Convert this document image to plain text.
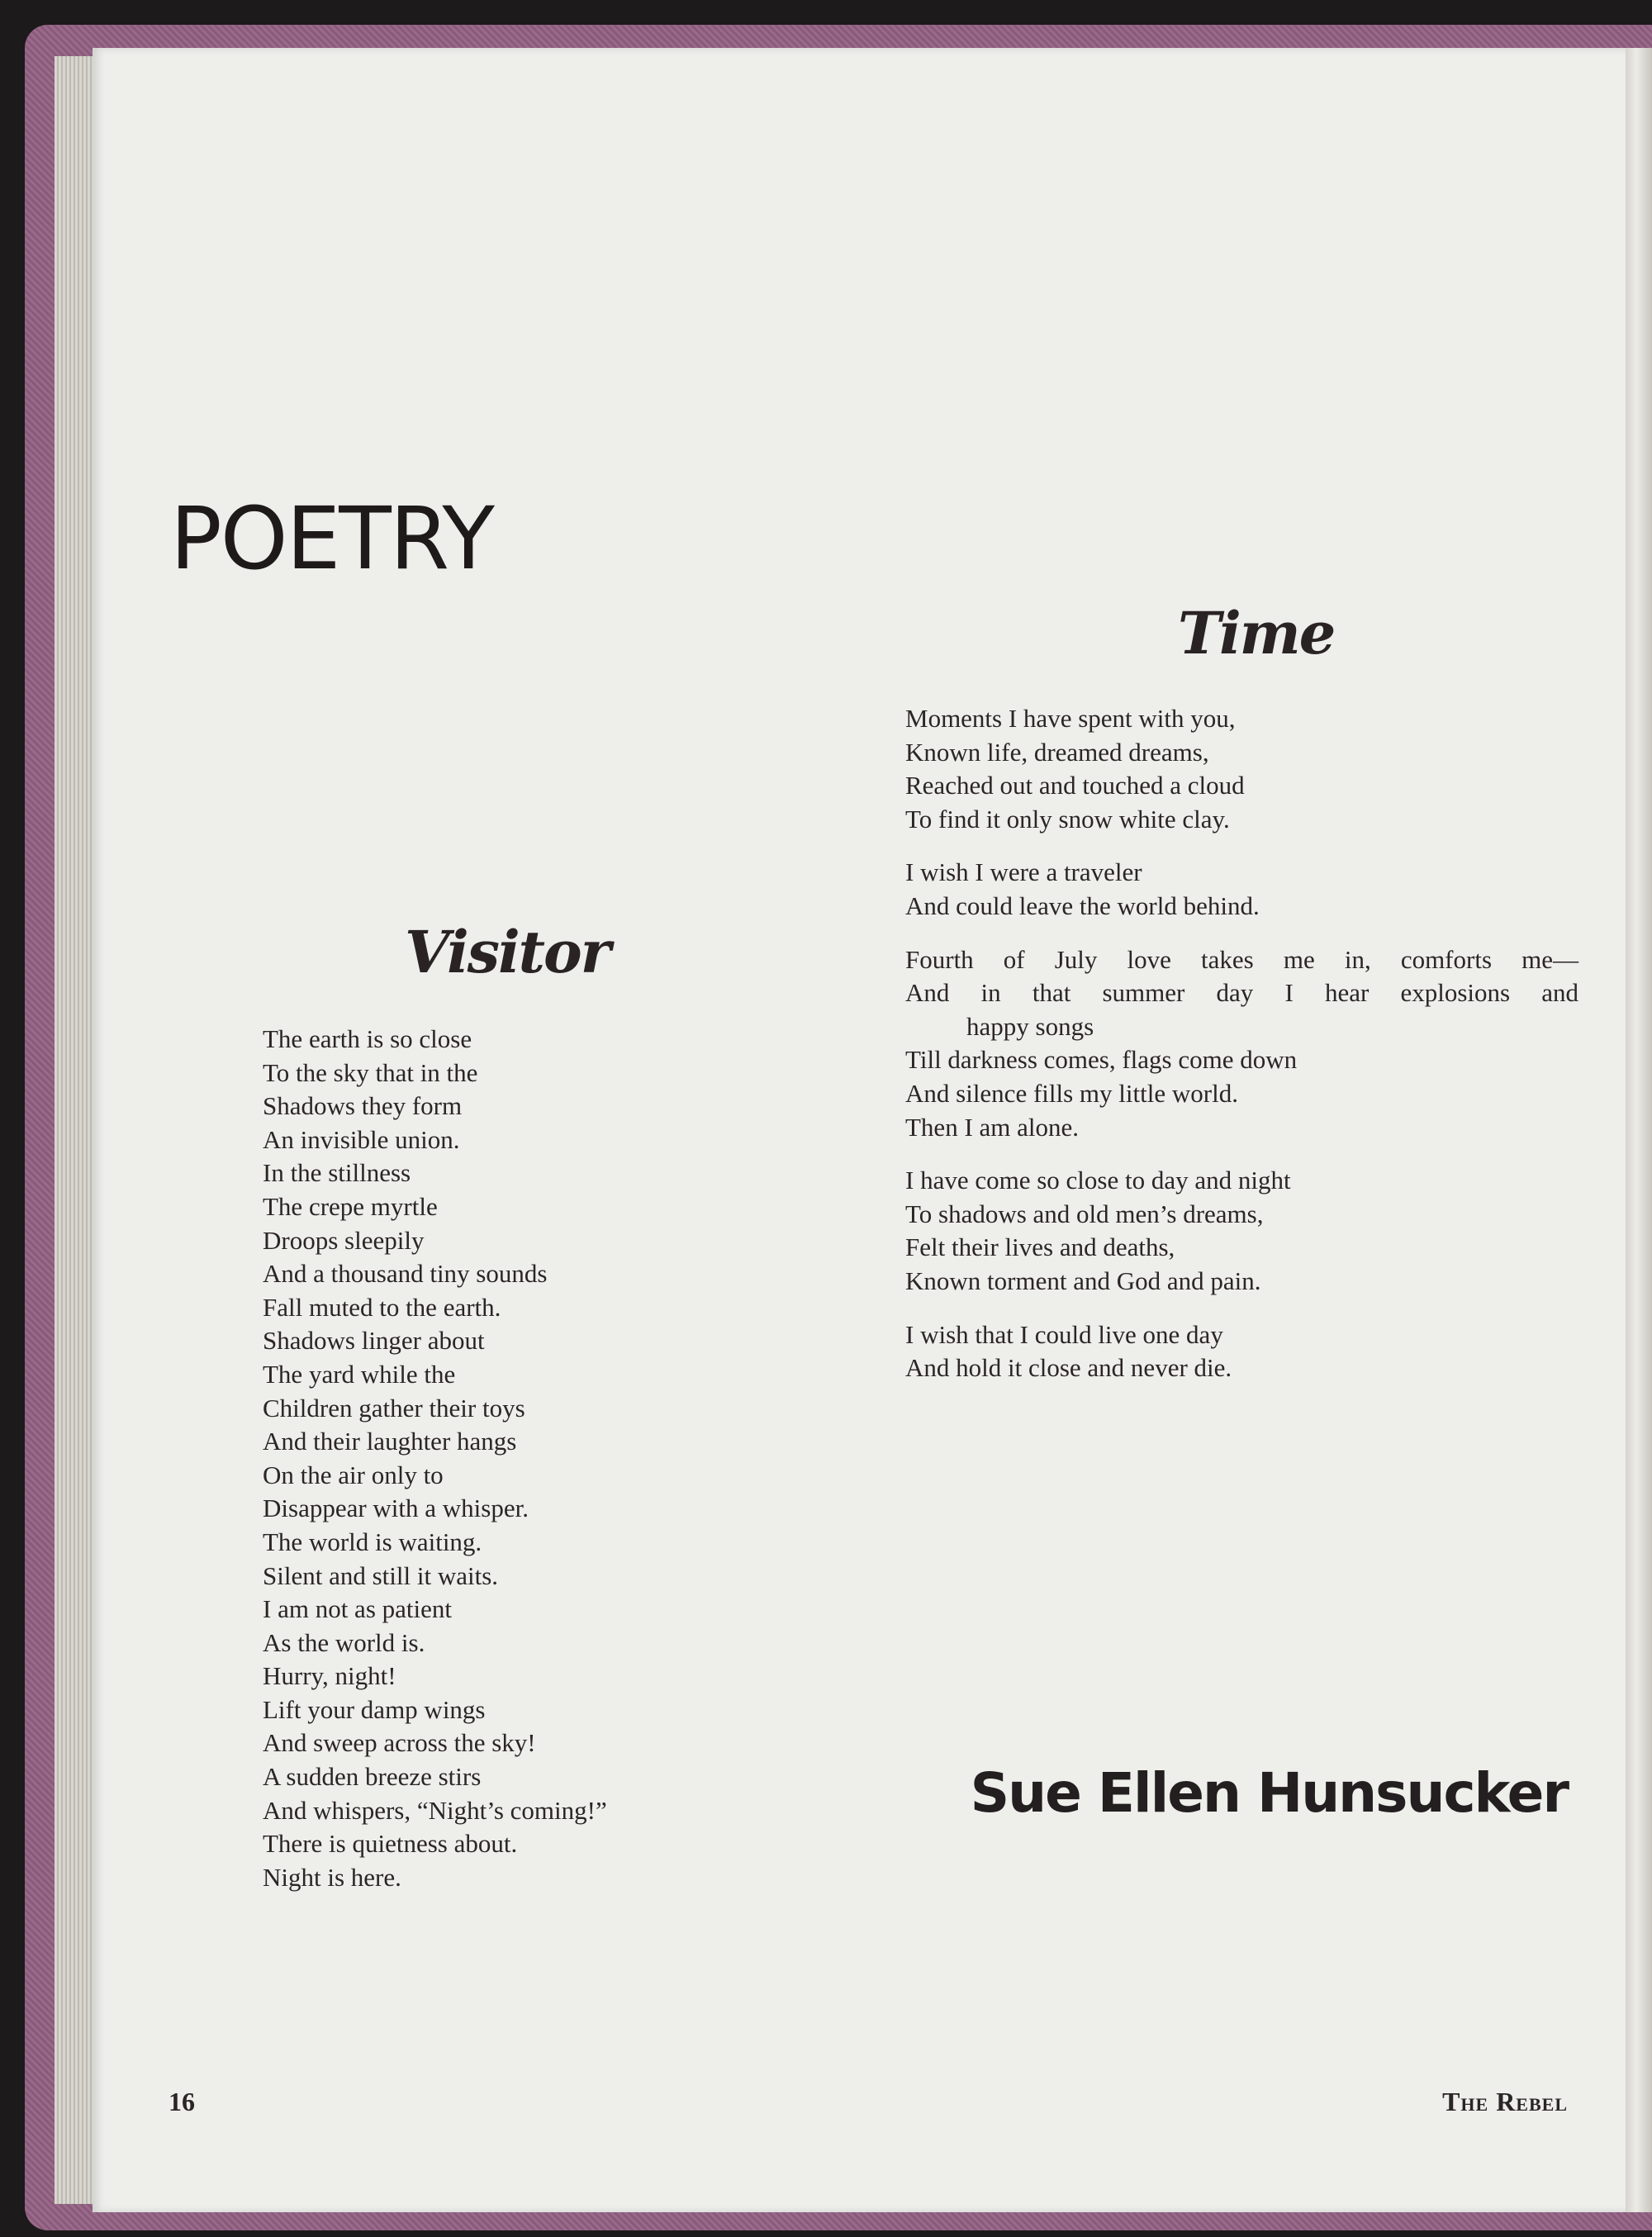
POETRY
Time
Moments I have spent with you,
Known life, dreamed dreams,
Reached out and touched a cloud
To find it only snow white clay.
I wish I were a traveler
And could leave the world behind.
Fourth of July love takes me in, comforts me—
And in that summer day I hear explosions and
happy songs
Till darkness comes, flags come down
And silence fills my little world.
Then I am alone.
I have come so close to day and night
To shadows and old men’s dreams,
Felt their lives and deaths,
Known torment and God and pain.
I wish that I could live one day
And hold it close and never die.
Visitor
The earth is so close
To the sky that in the
Shadows they form
An invisible union.
In the stillness
The crepe myrtle
Droops sleepily
And a thousand tiny sounds
Fall muted to the earth.
Shadows linger about
The yard while the
Children gather their toys
And their laughter hangs
On the air only to
Disappear with a whisper.
The world is waiting.
Silent and still it waits.
I am not as patient
As the world is.
Hurry, night!
Lift your damp wings
And sweep across the sky!
A sudden breeze stirs
And whispers, “Night’s coming!”
There is quietness about.
Night is here.

Sue Ellen Hunsucker

16	The Rebel
